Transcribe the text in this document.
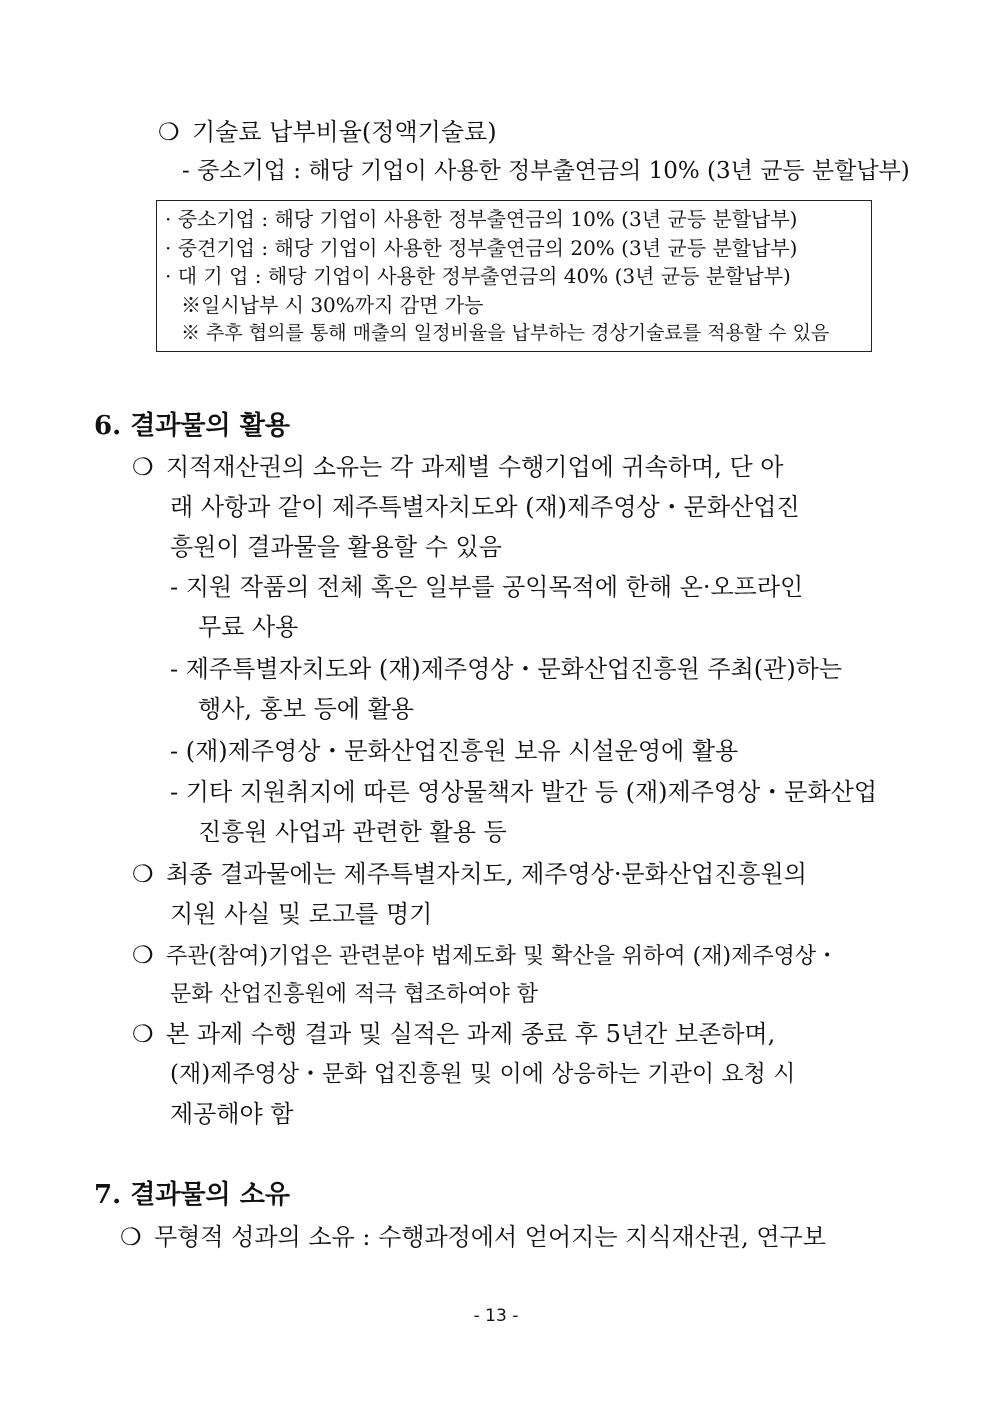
❍ 기술료 납부비율(정액기술료)
- 중소기업 : 해당 기업이 사용한 정부출연금의 10% (3년 균등 분할납부)
· 중소기업 : 해당 기업이 사용한 정부출연금의 10% (3년 균등 분할납부)
· 중견기업 : 해당 기업이 사용한 정부출연금의 20% (3년 균등 분할납부)
· 대 기 업 : 해당 기업이 사용한 정부출연금의 40% (3년 균등 분할납부)
※일시납부 시 30%까지 감면 가능
※ 추후 협의를 통해 매출의 일정비율을 납부하는 경상기술료를 적용할 수 있음
6. 결과물의 활용
❍ 지적재산권의 소유는 각 과제별 수행기업에 귀속하며, 단 아
래 사항과 같이 제주특별자치도와 (재)제주영상・문화산업진
흥원이 결과물을 활용할 수 있음
- 지원 작품의 전체 혹은 일부를 공익목적에 한해 온·오프라인
무료 사용
- 제주특별자치도와 (재)제주영상・문화산업진흥원 주최(관)하는
행사, 홍보 등에 활용
- (재)제주영상・문화산업진흥원 보유 시설운영에 활용
- 기타 지원취지에 따른 영상물책자 발간 등 (재)제주영상・문화산업
진흥원 사업과 관련한 활용 등
❍ 최종 결과물에는 제주특별자치도, 제주영상·문화산업진흥원의
지원 사실 및 로고를 명기
❍ 주관(참여)기업은 관련분야 법제도화 및 확산을 위하여 (재)제주영상・
문화 산업진흥원에 적극 협조하여야 함
❍ 본 과제 수행 결과 및 실적은 과제 종료 후 5년간 보존하며,
(재)제주영상・문화 업진흥원 및 이에 상응하는 기관이 요청 시
제공해야 함
7. 결과물의 소유
❍ 무형적 성과의 소유 : 수행과정에서 얻어지는 지식재산권, 연구보
- 13 -
